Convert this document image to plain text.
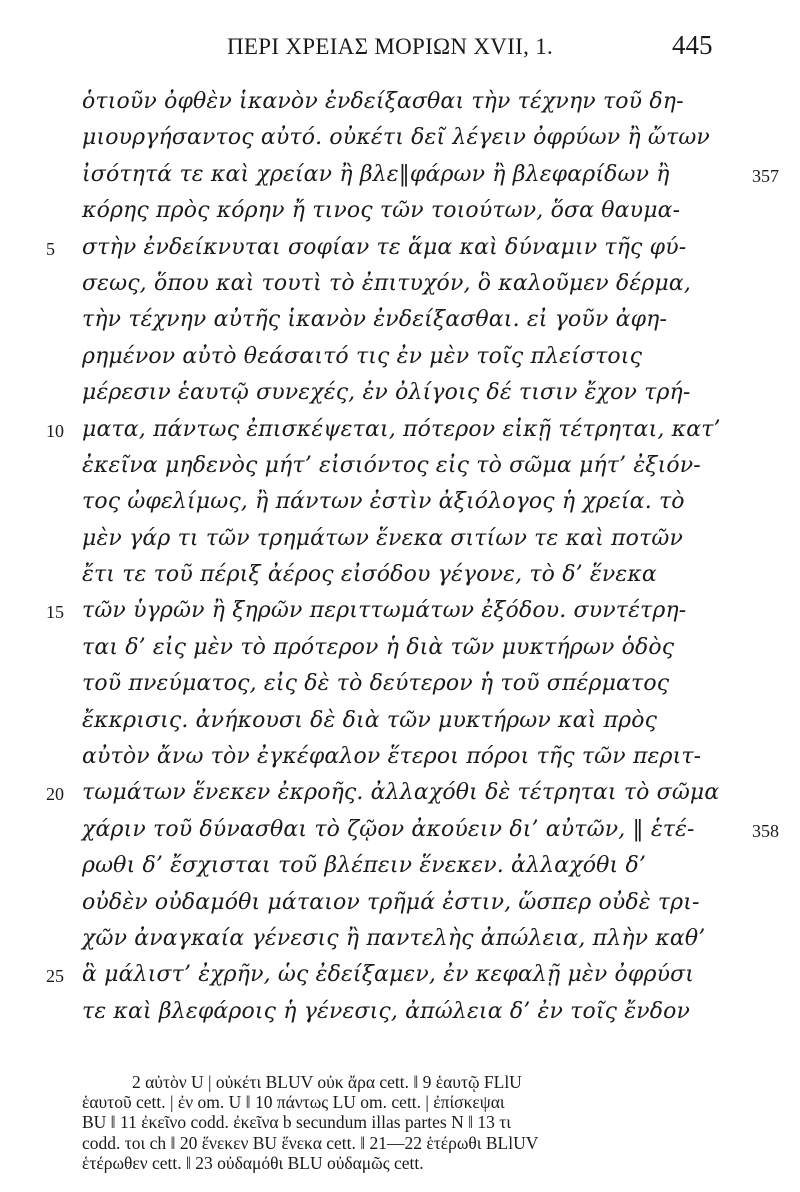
ΠΕΡΙ ΧΡΕΙΑΣ ΜΟΡΙΩΝ XVII, 1.	445
ὁτιοῦν ὀφθὲν ἱκανὸν ἐνδείξασθαι τὴν τέχνην τοῦ δη-
μιουργήσαντος αὐτό. οὐκέτι δεῖ λέγειν ὀφρύων ἢ ὤτων
ἰσότητά τε καὶ χρείαν ἢ βλε‖φάρων ἢ βλεφαρίδων ἢ	357
κόρης πρὸς κόρην ἤ τινος τῶν τοιούτων, ὅσα θαυμα-
5 στὴν ἐνδείκνυται σοφίαν τε ἅμα καὶ δύναμιν τῆς φύ-
σεως, ὅπου καὶ τουτὶ τὸ ἐπιτυχόν, ὃ καλοῦμεν δέρμα,
τὴν τέχνην αὐτῆς ἱκανὸν ἐνδείξασθαι. εἰ γοῦν ἀφη-
ρημένον αὐτὸ θεάσαιτό τις ἐν μὲν τοῖς πλείστοις
μέρεσιν ἑαυτῷ συνεχές, ἐν ὀλίγοις δέ τισιν ἔχον τρή-
10 ματα, πάντως ἐπισκέψεται, πότερον εἰκῇ τέτρηται, κατ’
ἐκεῖνα μηδενὸς μήτ’ εἰσιόντος εἰς τὸ σῶμα μήτ’ ἐξιόν-
τος ὠφελίμως, ἢ πάντων ἐστὶν ἀξιόλογος ἡ χρεία. τὸ
μὲν γάρ τι τῶν τρημάτων ἕνεκα σιτίων τε καὶ ποτῶν
ἔτι τε τοῦ πέριξ ἀέρος εἰσόδου γέγονε, τὸ δ’ ἕνεκα
15 τῶν ὑγρῶν ἢ ξηρῶν περιττωμάτων ἐξόδου. συντέτρη-
ται δ’ εἰς μὲν τὸ πρότερον ἡ διὰ τῶν μυκτήρων ὁδὸς
τοῦ πνεύματος, εἰς δὲ τὸ δεύτερον ἡ τοῦ σπέρματος
ἔκκρισις. ἀνήκουσι δὲ διὰ τῶν μυκτήρων καὶ πρὸς
αὐτὸν ἄνω τὸν ἐγκέφαλον ἕτεροι πόροι τῆς τῶν περιτ-
20 τωμάτων ἕνεκεν ἐκροῆς. ἀλλαχόθι δὲ τέτρηται τὸ σῶμα
χάριν τοῦ δύνασθαι τὸ ζῷον ἀκούειν δι’ αὐτῶν, ‖ ἑτέ-	358
ρωθι δ’ ἔσχισται τοῦ βλέπειν ἕνεκεν. ἀλλαχόθι δ’
οὐδὲν οὐδαμόθι μάταιον τρῆμά ἐστιν, ὥσπερ οὐδὲ τρι-
χῶν ἀναγκαία γένεσις ἢ παντελὴς ἀπώλεια, πλὴν καθ’
25 ἃ μάλιστ’ ἐχρῆν, ὡς ἐδείξαμεν, ἐν κεφαλῇ μὲν ὀφρύσι
τε καὶ βλεφάροις ἡ γένεσις, ἀπώλεια δ’ ἐν τοῖς ἔνδον
2 αὐτὸν U | οὐκέτι BLUV οὐκ ἄρα cett. ‖ 9 ἑαυτῷ FLlU
ἑαυτοῦ cett. | ἐν om. U ‖ 10 πάντως LU om. cett. | ἐπίσκεψαι
BU ‖ 11 ἐκεῖνο codd. ἐκεῖνα b secundum illas partes N ‖ 13 τι
codd. τοι ch ‖ 20 ἕνεκεν BU ἕνεκα cett. ‖ 21—22 ἑτέρωθι BLlUV
ἑτέρωθεν cett. ‖ 23 οὐδαμόθι BLU οὐδαμῶς cett.
